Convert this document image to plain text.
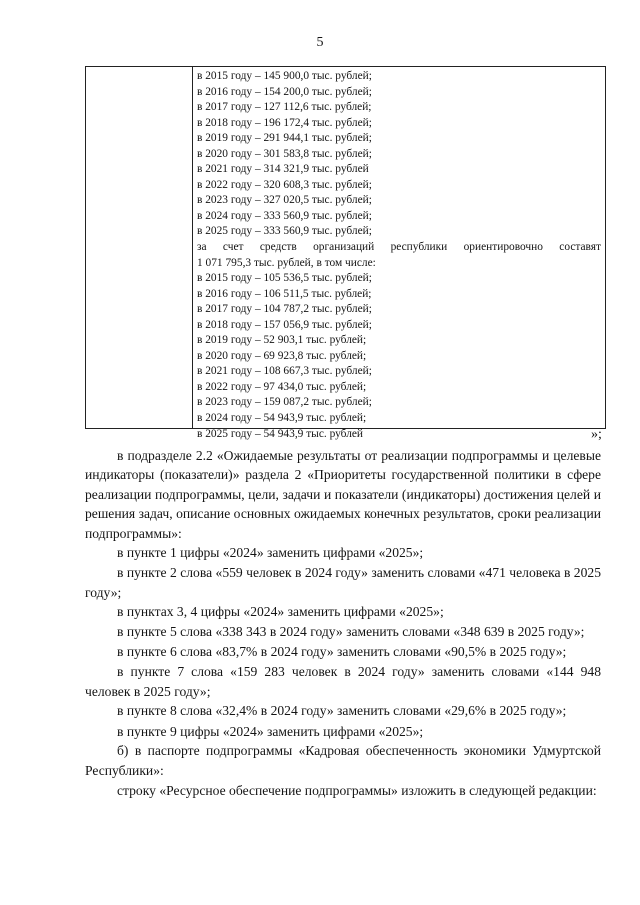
5
в 2015 году – 145 900,0 тыс. рублей;
в 2016 году – 154 200,0 тыс. рублей;
в 2017 году – 127 112,6 тыс. рублей;
в 2018 году – 196 172,4 тыс. рублей;
в 2019 году – 291 944,1 тыс. рублей;
в 2020 году – 301 583,8 тыс. рублей;
в 2021 году – 314 321,9 тыс. рублей
в 2022 году – 320 608,3 тыс. рублей;
в 2023 году – 327 020,5 тыс. рублей;
в 2024 году – 333 560,9 тыс. рублей;
в 2025 году – 333 560,9 тыс. рублей;
за счет средств организаций республики ориентировочно составят
1 071 795,3 тыс. рублей, в том числе:
в 2015 году – 105 536,5 тыс. рублей;
в 2016 году – 106 511,5 тыс. рублей;
в 2017 году – 104 787,2 тыс. рублей;
в 2018 году – 157 056,9 тыс. рублей;
в 2019 году – 52 903,1 тыс. рублей;
в 2020 году – 69 923,8 тыс. рублей;
в 2021 году – 108 667,3 тыс. рублей;
в 2022 году – 97 434,0 тыс. рублей;
в 2023 году – 159 087,2 тыс. рублей;
в 2024 году – 54 943,9 тыс. рублей;
в 2025 году – 54 943,9 тыс. рублей	»;

в подразделе 2.2 «Ожидаемые результаты от реализации подпрограммы и целевые индикаторы (показатели)» раздела 2 «Приоритеты государственной политики в сфере реализации подпрограммы, цели, задачи и показатели (индикаторы) достижения целей и решения задач, описание основных ожидаемых конечных результатов, сроки реализации подпрограммы»:

в пункте 1 цифры «2024» заменить цифрами «2025»;

в пункте 2 слова «559 человек в 2024 году» заменить словами «471 человека в 2025 году»;

в пунктах 3, 4 цифры «2024» заменить цифрами «2025»;

в пункте 5 слова «338 343 в 2024 году» заменить словами «348 639 в 2025 году»;

в пункте 6 слова «83,7% в 2024 году» заменить словами «90,5% в 2025 году»;

в пункте 7 слова «159 283 человек в 2024 году» заменить словами «144 948 человек в 2025 году»;

в пункте 8 слова «32,4% в 2024 году» заменить словами «29,6% в 2025 году»;

в пункте 9 цифры «2024» заменить цифрами «2025»;

б) в паспорте подпрограммы «Кадровая обеспеченность экономики Удмуртской Республики»:

строку «Ресурсное обеспечение подпрограммы» изложить в следующей редакции:
